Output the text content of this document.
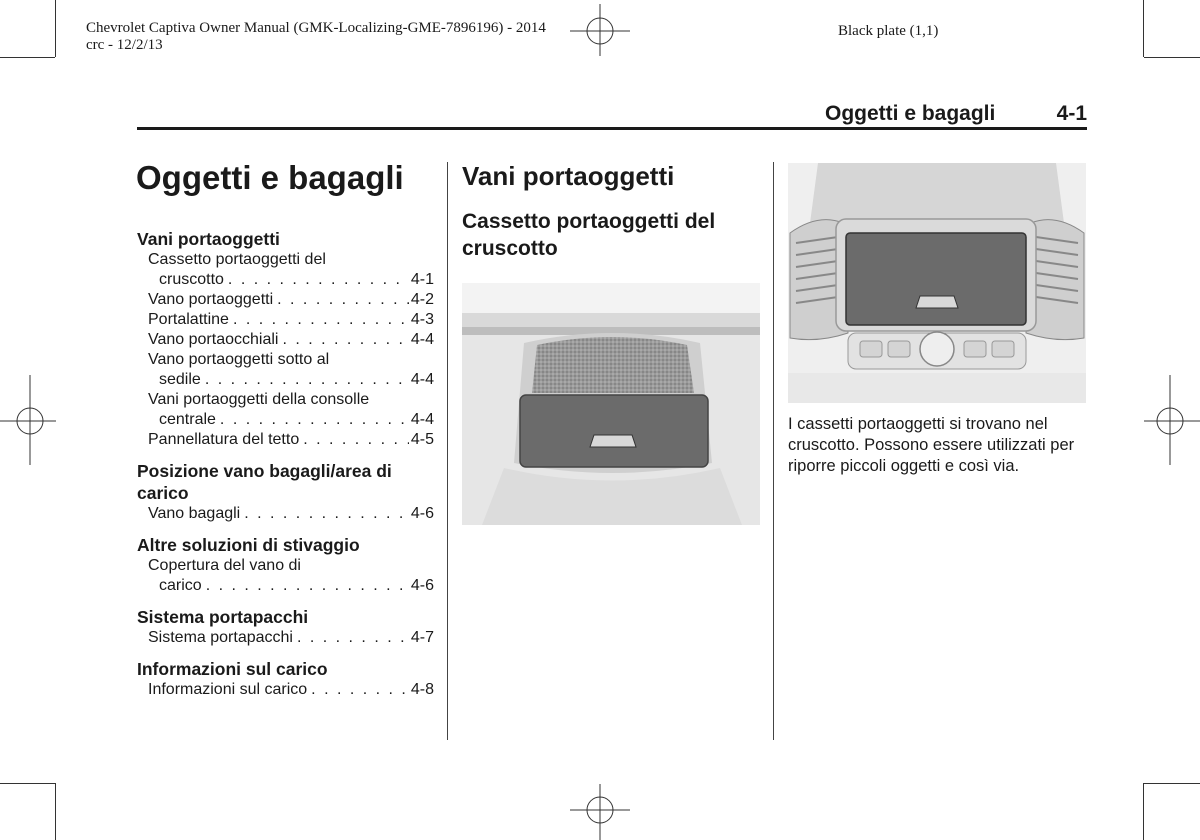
Chevrolet Captiva Owner Manual (GMK-Localizing-GME-7896196) - 2014
crc - 12/2/13
Black plate (1,1)
Oggetti e bagagli	4-1
Oggetti e bagagli
Vani portaoggetti
Cassetto portaoggetti del
cruscotto . . .	4-1
Vano portaoggetti . . .	4-2
Portalattine . . .	4-3
Vano portaocchiali . . .	4-4
Vano portaoggetti sotto al
sedile . . .	4-4
Vani portaoggetti della consolle
centrale . . .	4-4
Pannellatura del tetto . . .	4-5
Posizione vano bagagli/area di carico
Vano bagagli . . .	4-6
Altre soluzioni di stivaggio
Copertura del vano di
carico . . .	4-6
Sistema portapacchi
Sistema portapacchi . . .	4-7
Informazioni sul carico
Informazioni sul carico . . .	4-8
Vani portaoggetti
Cassetto portaoggetti del cruscotto
I cassetti portaoggetti si trovano nel cruscotto. Possono essere utilizzati per riporre piccoli oggetti e così via.
